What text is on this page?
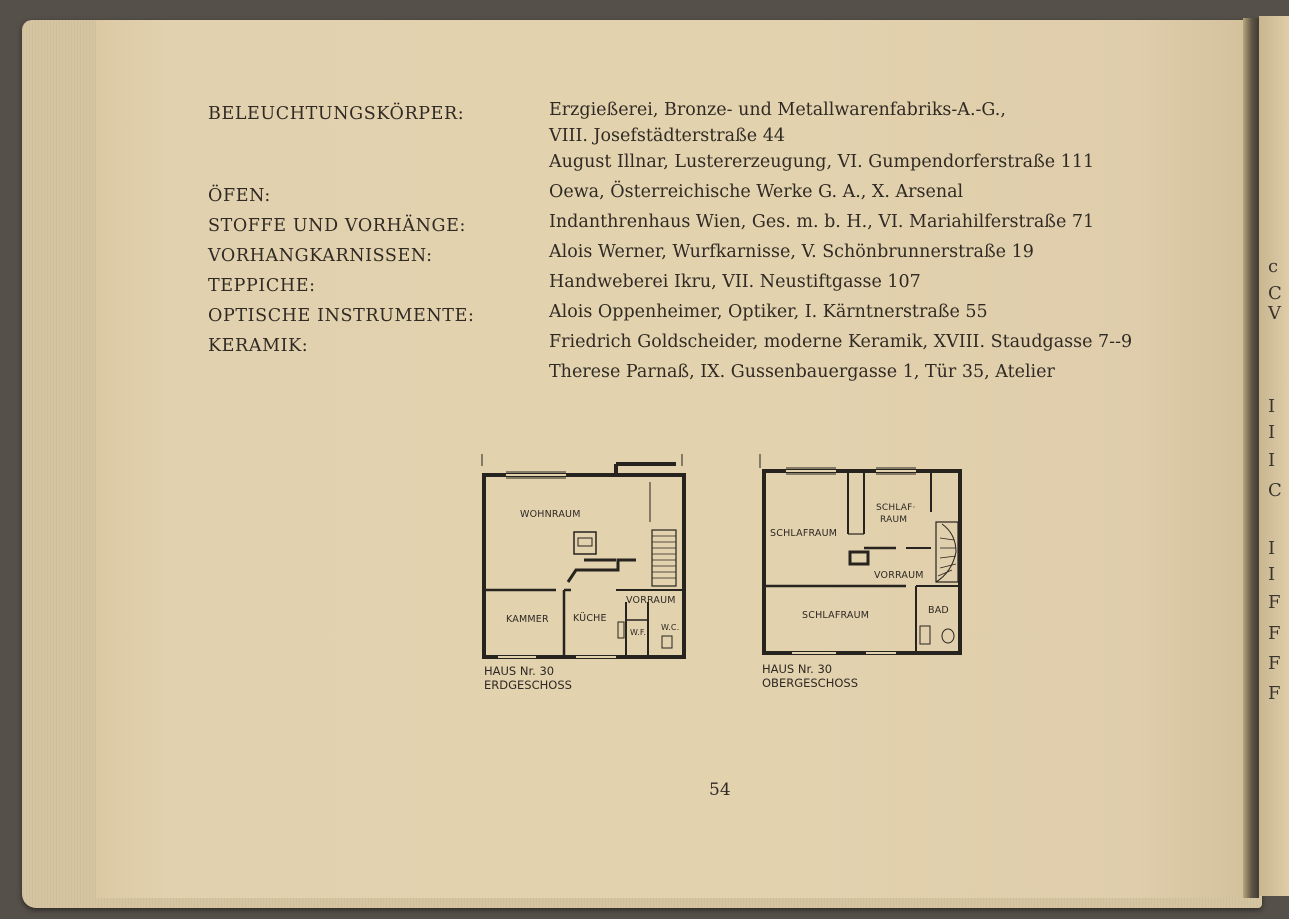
c
C
V
I
I
I
C
I
I
F
F
F
F
BELEUCHTUNGSKÖRPER:	Erzgießerei, Bronze- und Metallwarenfabriks-A.-G.,
VIII. Josefstädterstraße 44
August Illnar, Lustererzeugung, VI. Gumpendorferstraße 111
ÖFEN:	Oewa, Österreichische Werke G. A., X. Arsenal
STOFFE UND VORHÄNGE:	Indanthrenhaus Wien, Ges. m. b. H., VI. Mariahilferstraße 71
VORHANGKARNISSEN:	Alois Werner, Wurfkarnisse, V. Schönbrunnerstraße 19
TEPPICHE:	Handweberei Ikru, VII. Neustiftgasse 107
OPTISCHE INSTRUMENTE:	Alois Oppenheimer, Optiker, I. Kärntnerstraße 55
KERAMIK:	Friedrich Goldscheider, moderne Keramik, XVIII. Staudgasse 7--9
Therese Parnaß, IX. Gussenbauergasse 1, Tür 35, Atelier
WOHNRAUM
KAMMER	KÜCHE
VORRAUM
W.F.
W.C.
HAUS Nr. 30
ERDGESCHOSS
SCHLAFRAUM
SCHLAF·
RAUM
VORRAUM
SCHLAFRAUM	BAD
HAUS Nr. 30
OBERGESCHOSS
54
